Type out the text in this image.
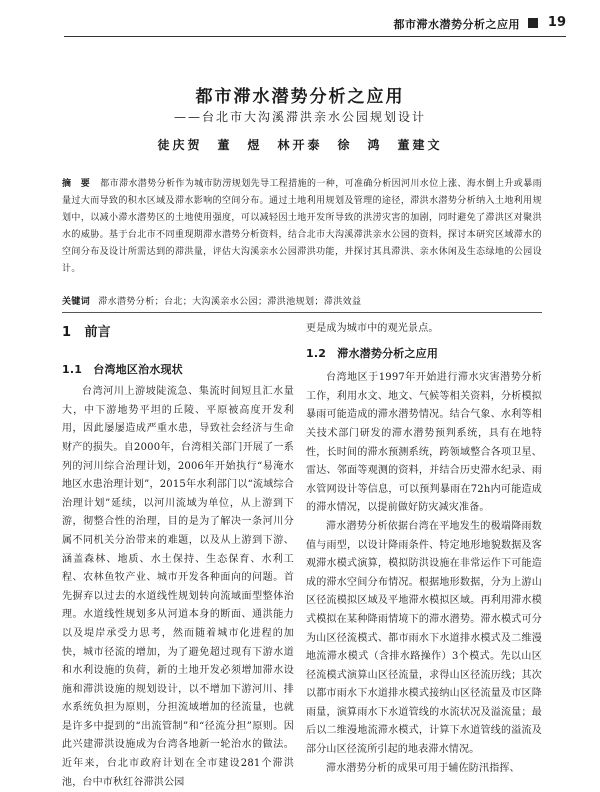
都市滞水潜势分析之应用 19
都市滞水潜势分析之应用
——台北市大沟溪滞洪亲水公园规划设计
徒庆贺　董　煜　林开泰　徐　鸿　董建文
摘　要 都市滞水潜势分析作为城市防涝规划先导工程措施的一种，可准确分析因河川水位上涨、海水倒上升或暴雨量过大而导致的积水区域及滞水影响的空间分布。通过土地利用规划及管理的途径，滞洪水潜势分析纳入土地利用规划中，以减小滞水潜势区的土地使用强度，可以减轻因土地开发所导致的洪涝灾害的加剧，同时避免了滞洪区对聚洪水的威胁。基于台北市不同重现期滞水潜势分析资料，结合北市大沟溪滞洪亲水公园的资料，探讨本研究区域滞水的空间分布及设计所需达到的滞洪量，评估大沟溪亲水公园滞洪功能，并探讨其具滞洪、亲水休闲及生态绿地的公园设计。
关键词 滞水潜势分析；台北；大沟溪亲水公园；滞洪池规划；滞洪效益
1　前言
1.1　台湾地区治水现状

台湾河川上游坡陡流急、集流时间短且汇水量大，中下游地势平坦的丘陵、平原被高度开发利用，因此屡屡造成严重水患，导致社会经济与生命财产的损失。自2000年，台湾相关部门开展了一系列的河川综合治理计划，2006年开始执行“易淹水地区水患治理计划”，2015年水利部门以“流域综合治理计划”延续，以河川流域为单位，从上游到下游，彻整合性的治理，目的是为了解决一条河川分属不同机关分治带来的难题，以及从上游到下游、涵盖森林、地质、水土保持、生态保育、水利工程、农林鱼牧产业、城市开发各种面向的问题。首先摒弃以过去的水道线性规划转向流域面型整体治理。水道线性规划多从河道本身的断面、通洪能力以及堤岸承受力思考，然而随着城市化进程的加快，城市径流的增加，为了避免超过现有下游水道和水利设施的负荷，新的土地开发必须增加滞水设施和滞洪设施的规划设计，以不增加下游河川、排水系统负担为原则，分担流域增加的径流量，也就是许多中提到的“出流管制”和“径流分担”原则。因此兴建滞洪设施成为台湾各地新一轮治水的做法。近年来，台北市政府计划在全市建设281个滞洪池，台中市秋红谷滞洪公园

更是成为城市中的观光景点。

1.2　滞水潜势分析之应用

台湾地区于1997年开始进行滞水灾害潜势分析工作，利用水文、地文、气候等相关资料，分析模拟暴雨可能造成的滞水潜势情况。结合气象、水利等相关技术部门研发的滞水潜势预判系统，具有在地特性，长时间的滞水预测系统，跨领域整合各项卫星、雷达、邻面等观测的资料，并结合历史滞水纪录、雨水管网设计等信息，可以预判暴雨在72h内可能造成的滞水情况，以提前做好防灾减灾准备。

滞水潜势分析依据台湾在平地发生的极端降雨数值与雨型，以设计降雨条件、特定地形地貌数据及客观滞水模式演算，模拟防洪设施在非常运作下可能造成的滞水空间分布情况。根据地形数据，分为上游山区径流模拟区域及平地滞水模拟区域。再利用滞水模式模拟在某种降雨情境下的滞水潜势。滞水模式可分为山区径流模式、都市雨水下水道排水模式及二维漫地流滞水模式（含排水路操作）3个模式。先以山区径流模式演算山区径流量，求得山区径流历线；其次以都市雨水下水道排水模式接纳山区径流量及市区降雨量，演算雨水下水道管线的水流状况及溢流量；最后以二维漫地流滞水模式，计算下水道管线的溢流及部分山区径流所引起的地表滞水情况。

滞水潜势分析的成果可用于辅佐防汛指挥、
